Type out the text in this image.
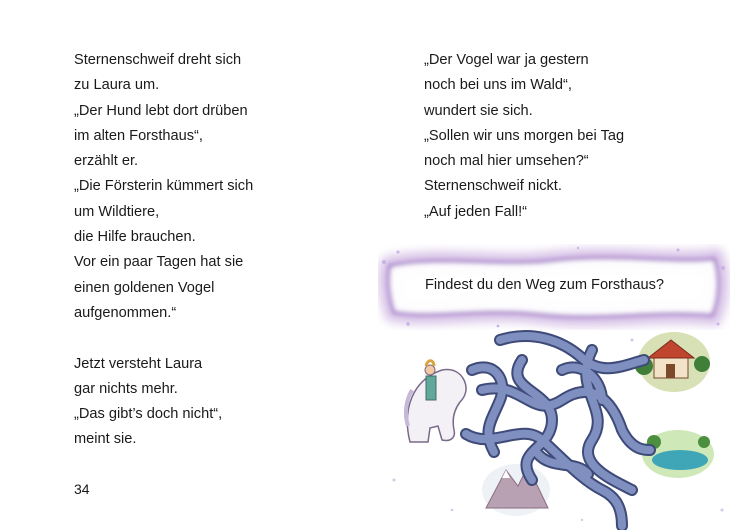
Sternenschweif dreht sich
zu Laura um.
„Der Hund lebt dort drüben
im alten Forsthaus“,
erzählt er.
„Die Försterin kümmert sich
um Wildtiere,
die Hilfe brauchen.
Vor ein paar Tagen hat sie
einen goldenen Vogel
aufgenommen.“
Jetzt versteht Laura
gar nichts mehr.
„Das gibt’s doch nicht“,
meint sie.
„Der Vogel war ja gestern
noch bei uns im Wald“,
wundert sie sich.
„Sollen wir uns morgen bei Tag
noch mal hier umsehen?“
Sternenschweif nickt.
„Auf jeden Fall!“
Findest du den Weg zum Forsthaus?
34
